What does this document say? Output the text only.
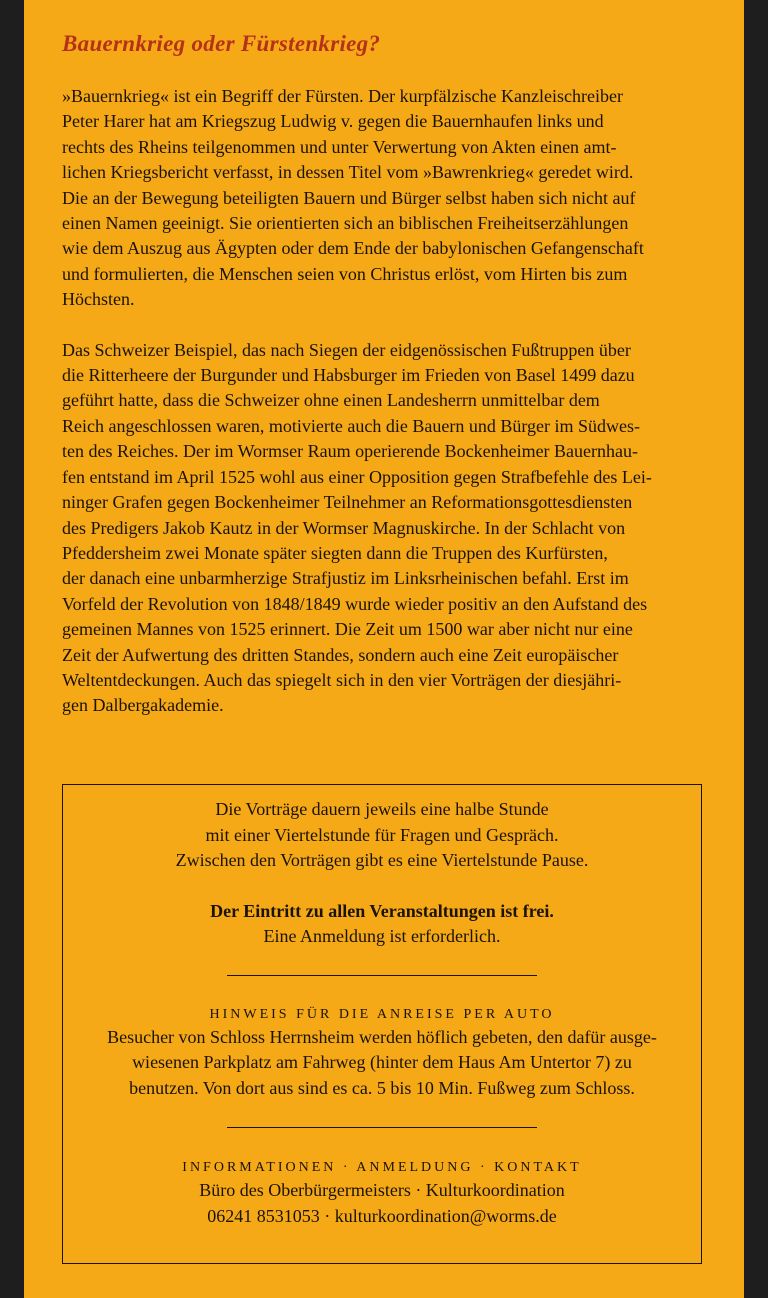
Bauernkrieg oder Fürstenkrieg?

»Bauernkrieg« ist ein Begriff der Fürsten. Der kurpfälzische Kanzleischreiber
Peter Harer hat am Kriegszug Ludwig v. gegen die Bauernhaufen links und
rechts des Rheins teilgenommen und unter Verwertung von Akten einen amt-
lichen Kriegsbericht verfasst, in dessen Titel vom »Bawrenkrieg« geredet wird.
Die an der Bewegung beteiligten Bauern und Bürger selbst haben sich nicht auf
einen Namen geeinigt. Sie orientierten sich an biblischen Freiheitserzählungen
wie dem Auszug aus Ägypten oder dem Ende der babylonischen Gefangenschaft
und formulierten, die Menschen seien von Christus erlöst, vom Hirten bis zum
Höchsten.

Das Schweizer Beispiel, das nach Siegen der eidgenössischen Fußtruppen über
die Ritterheere der Burgunder und Habsburger im Frieden von Basel 1499 dazu
geführt hatte, dass die Schweizer ohne einen Landesherrn unmittelbar dem
Reich angeschlossen waren, motivierte auch die Bauern und Bürger im Südwes-
ten des Reiches. Der im Wormser Raum operierende Bockenheimer Bauernhau-
fen entstand im April 1525 wohl aus einer Opposition gegen Strafbefehle des Lei-
ninger Grafen gegen Bockenheimer Teilnehmer an Reformationsgottesdiensten
des Predigers Jakob Kautz in der Wormser Magnuskirche. In der Schlacht von
Pfeddersheim zwei Monate später siegten dann die Truppen des Kurfürsten,
der danach eine unbarmherzige Strafjustiz im Linksrheinischen befahl. Erst im
Vorfeld der Revolution von 1848/1849 wurde wieder positiv an den Aufstand des
gemeinen Mannes von 1525 erinnert. Die Zeit um 1500 war aber nicht nur eine
Zeit der Aufwertung des dritten Standes, sondern auch eine Zeit europäischer
Weltentdeckungen. Auch das spiegelt sich in den vier Vorträgen der diesjähri-
gen Dalbergakademie.

Die Vorträge dauern jeweils eine halbe Stunde
mit einer Viertelstunde für Fragen und Gespräch.
Zwischen den Vorträgen gibt es eine Viertelstunde Pause.

Der Eintritt zu allen Veranstaltungen ist frei.
Eine Anmeldung ist erforderlich.

HINWEIS FÜR DIE ANREISE PER AUTO

Besucher von Schloss Herrnsheim werden höflich gebeten, den dafür ausge-
wiesenen Parkplatz am Fahrweg (hinter dem Haus Am Untertor 7) zu
benutzen. Von dort aus sind es ca. 5 bis 10 Min. Fußweg zum Schloss.

INFORMATIONEN · ANMELDUNG · KONTAKT

Büro des Oberbürgermeisters · Kulturkoordination
06241 8531053 · kulturkoordination@worms.de
